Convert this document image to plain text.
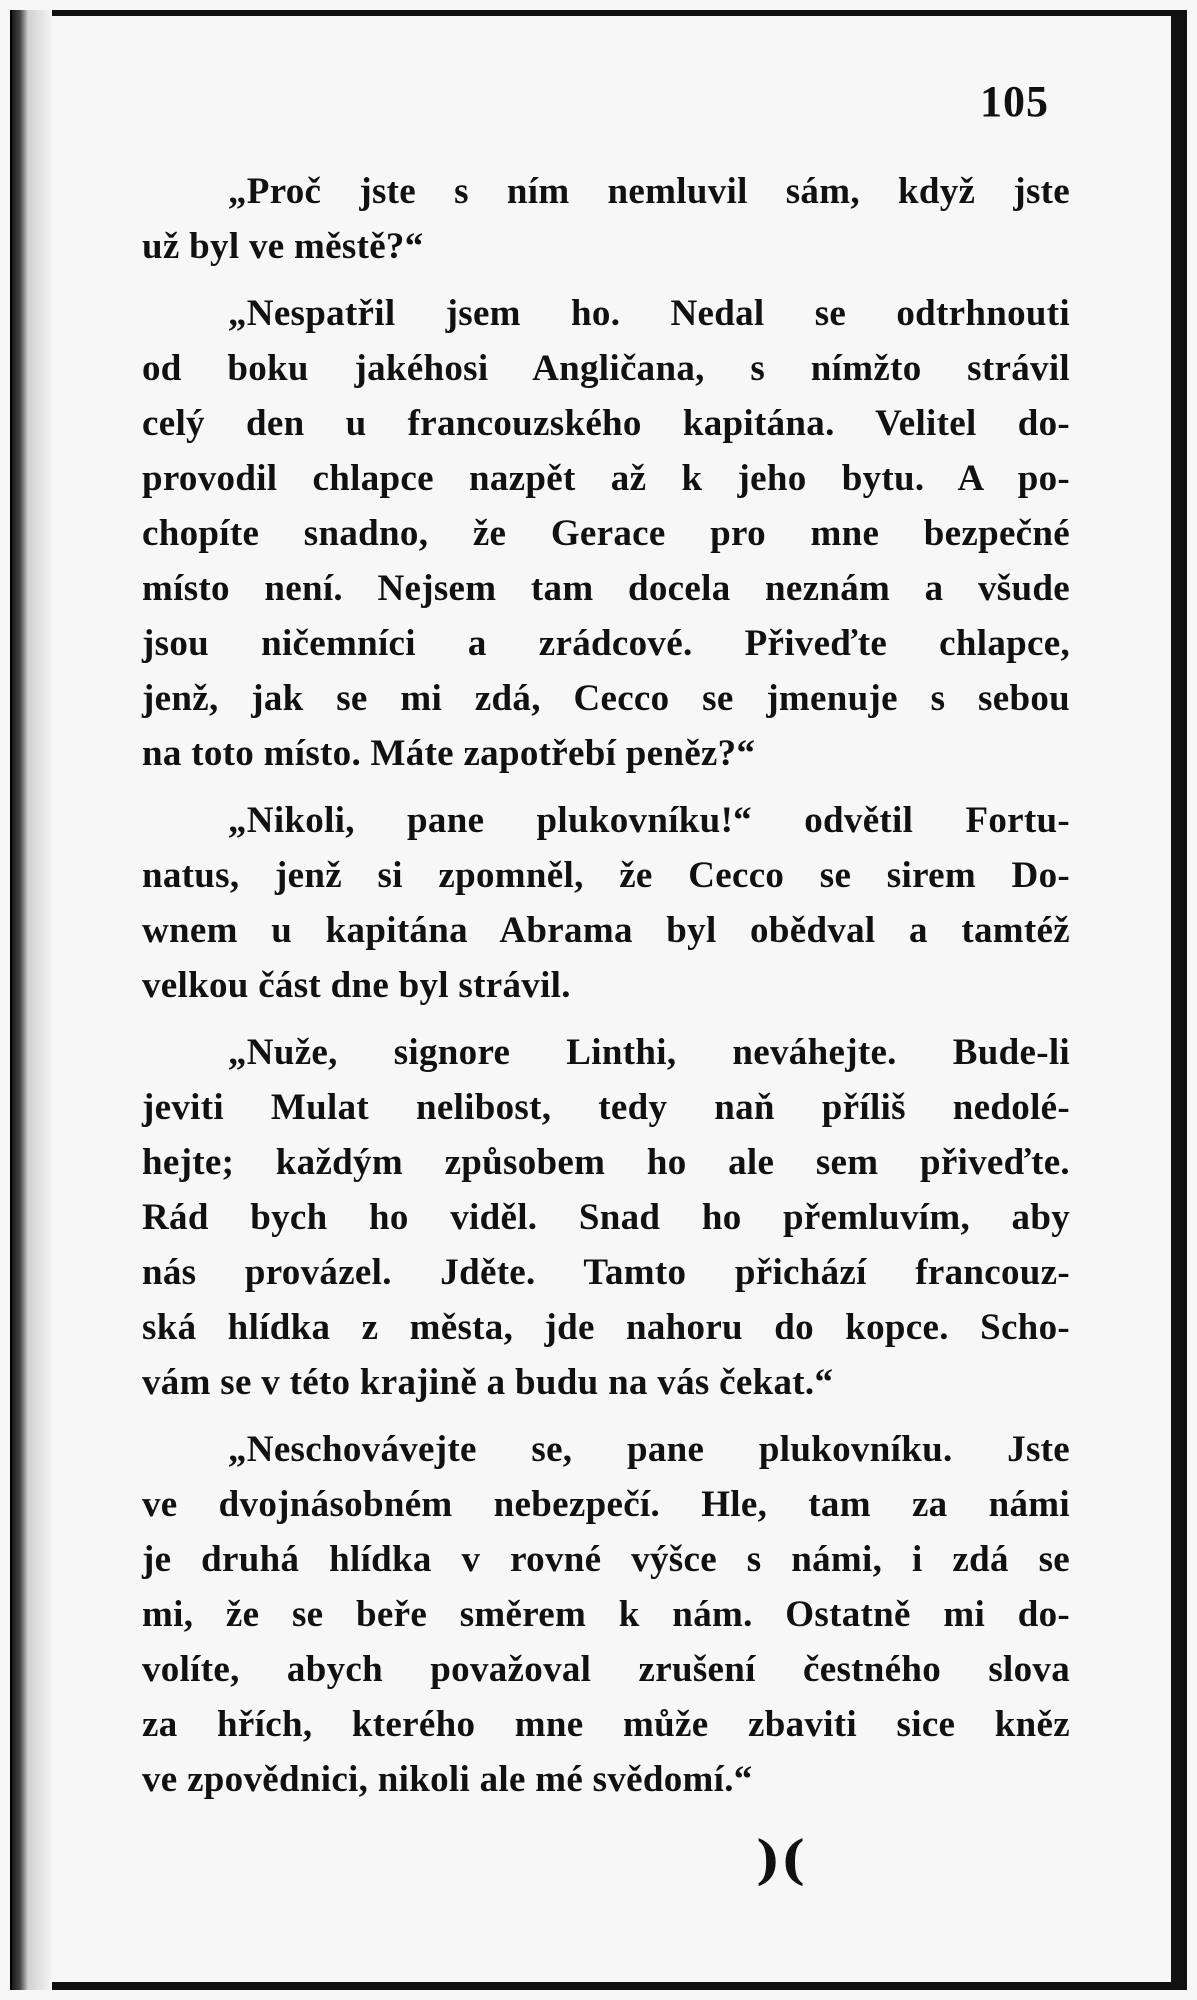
105
„Proč jste s ním nemluvil sám, když jste
už byl ve městě?“
„Nespatřil jsem ho. Nedal se odtrhnouti
od boku jakéhosi Angličana, s nímžto strávil
celý den u francouzského kapitána. Velitel do-
provodil chlapce nazpět až k jeho bytu. A po-
chopíte snadno, že Gerace pro mne bezpečné
místo není. Nejsem tam docela neznám a všude
jsou ničemníci a zrádcové. Přiveďte chlapce,
jenž, jak se mi zdá, Cecco se jmenuje s sebou
na toto místo. Máte zapotřebí peněz?“
„Nikoli, pane plukovníku!“ odvětil Fortu-
natus, jenž si zpomněl, že Cecco se sirem Do-
wnem u kapitána Abrama byl obědval a tamtéž
velkou část dne byl strávil.
„Nuže, signore Linthi, neváhejte. Bude-li
jeviti Mulat nelibost, tedy naň příliš nedolé-
hejte; každým způsobem ho ale sem přiveďte.
Rád bych ho viděl. Snad ho přemluvím, aby
nás provázel. Jděte. Tamto přichází francouz-
ská hlídka z města, jde nahoru do kopce. Scho-
vám se v této krajině a budu na vás čekat.“
„Neschovávejte se, pane plukovníku. Jste
ve dvojnásobném nebezpečí. Hle, tam za námi
je druhá hlídka v rovné výšce s námi, i zdá se
mi, že se beře směrem k nám. Ostatně mi do-
volíte, abych považoval zrušení čestného slova
za hřích, kterého mne může zbaviti sice kněz
ve zpovědnici, nikoli ale mé svědomí.“
)(
